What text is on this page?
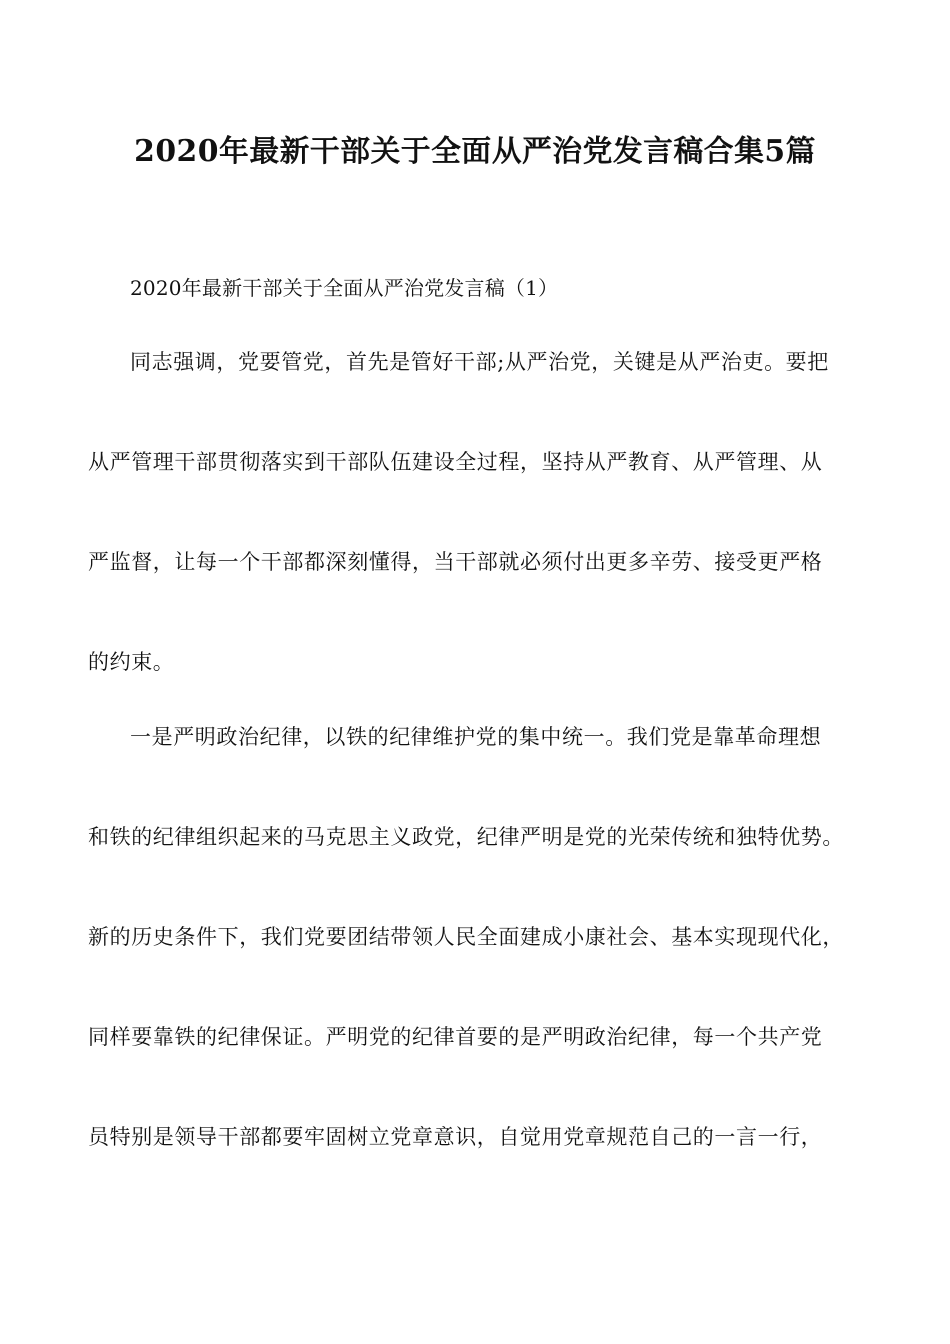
2020年最新干部关于全面从严治党发言稿合集5篇
2020年最新干部关于全面从严治党发言稿（1）
同志强调，党要管党，首先是管好干部;从严治党，关键是从严治吏。要把
从严管理干部贯彻落实到干部队伍建设全过程，坚持从严教育、从严管理、从
严监督，让每一个干部都深刻懂得，当干部就必须付出更多辛劳、接受更严格
的约束。
一是严明政治纪律，以铁的纪律维护党的集中统一。我们党是靠革命理想
和铁的纪律组织起来的马克思主义政党，纪律严明是党的光荣传统和独特优势。
新的历史条件下，我们党要团结带领人民全面建成小康社会、基本实现现代化，
同样要靠铁的纪律保证。严明党的纪律首要的是严明政治纪律，每一个共产党
员特别是领导干部都要牢固树立党章意识，自觉用党章规范自己的一言一行，
